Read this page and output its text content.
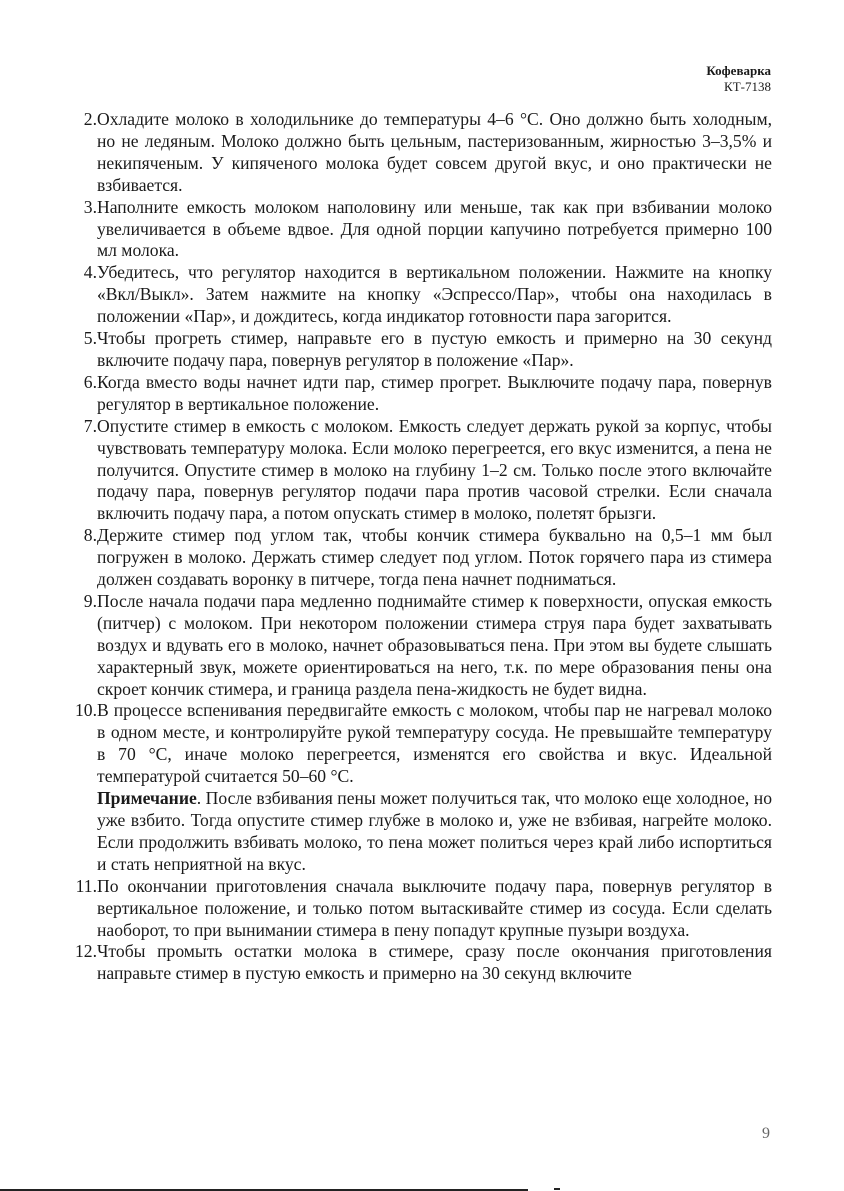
Кофеварка
КТ-7138
2. Охладите молоко в холодильнике до температуры 4–6 °С. Оно должно быть холодным, но не ледяным. Молоко должно быть цельным, пастеризованным, жирностью 3–3,5% и некипяченым. У кипяченого молока будет совсем другой вкус, и оно практически не взбивается.

3. Наполните емкость молоком наполовину или меньше, так как при взбивании молоко увеличивается в объеме вдвое. Для одной порции капучино потребуется примерно 100 мл молока.

4. Убедитесь, что регулятор находится в вертикальном положении. Нажмите на кнопку «Вкл/Выкл». Затем нажмите на кнопку «Эспрессо/Пар», чтобы она находилась в положении «Пар», и дождитесь, когда индикатор готовности пара загорится.

5. Чтобы прогреть стимер, направьте его в пустую емкость и примерно на 30 секунд включите подачу пара, повернув регулятор в положение «Пар».

6. Когда вместо воды начнет идти пар, стимер прогрет. Выключите подачу пара, повернув регулятор в вертикальное положение.

7. Опустите стимер в емкость с молоком. Емкость следует держать рукой за корпус, чтобы чувствовать температуру молока. Если молоко перегреется, его вкус изменится, а пена не получится. Опустите стимер в молоко на глубину 1–2 см. Только после этого включайте подачу пара, повернув регулятор подачи пара против часовой стрелки. Если сначала включить подачу пара, а потом опускать стимер в молоко, полетят брызги.

8. Держите стимер под углом так, чтобы кончик стимера буквально на 0,5–1 мм был погружен в молоко. Держать стимер следует под углом. Поток горячего пара из стимера должен создавать воронку в питчере, тогда пена начнет подниматься.

9. После начала подачи пара медленно поднимайте стимер к поверхности, опуская емкость (питчер) с молоком. При некотором положении стимера струя пара будет захватывать воздух и вдувать его в молоко, начнет образовываться пена. При этом вы будете слышать характерный звук, можете ориентироваться на него, т.к. по мере образования пены она скроет кончик стимера, и граница раздела пена-жидкость не будет видна.

10. В процессе вспенивания передвигайте емкость с молоком, чтобы пар не нагревал молоко в одном месте, и контролируйте рукой температуру сосуда. Не превышайте температуру в 70 °С, иначе молоко перегреется, изменятся его свойства и вкус. Идеальной температурой считается 50–60 °С.

Примечание. После взбивания пены может получиться так, что молоко еще холодное, но уже взбито. Тогда опустите стимер глубже в молоко и, уже не взбивая, нагрейте молоко. Если продолжить взбивать молоко, то пена может политься через край либо испортиться и стать неприятной на вкус.

11. По окончании приготовления сначала выключите подачу пара, повернув регулятор в вертикальное положение, и только потом вытаскивайте стимер из сосуда. Если сделать наоборот, то при вынимании стимера в пену попадут крупные пузыри воздуха.

12. Чтобы промыть остатки молока в стимере, сразу после окончания приготовления направьте стимер в пустую емкость и примерно на 30 секунд включите

9
